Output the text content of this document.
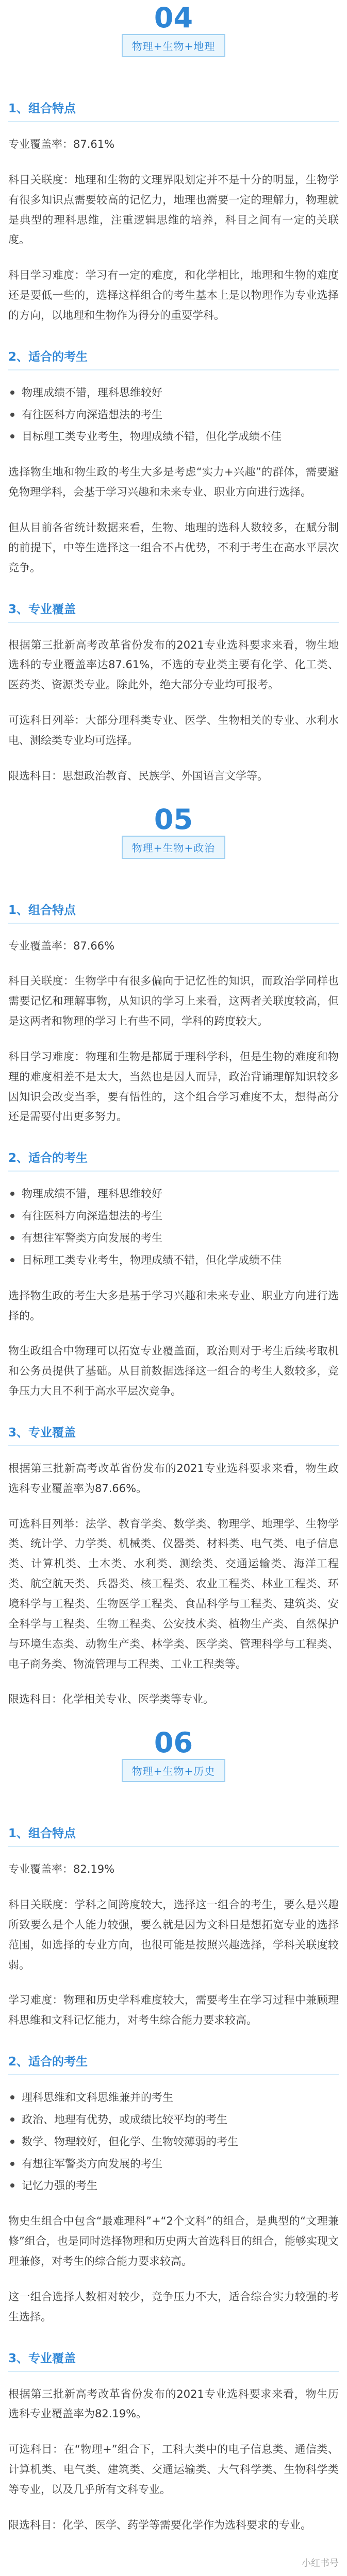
04
物理+生物+地理
1、组合特点

专业覆盖率：87.61%

科目关联度：地理和生物的文理界限划定并不是十分的明显，生物学有很多知识点需要较高的记忆力，地理也需要一定的理解力，物理就是典型的理科思维，注重逻辑思维的培养，科目之间有一定的关联度。

科目学习难度：学习有一定的难度，和化学相比，地理和生物的难度还是要低一些的，选择这样组合的考生基本上是以物理作为专业选择的方向，以地理和生物作为得分的重要学科。

2、适合的考生
物理成绩不错，理科思维较好
有往医科方向深造想法的考生
目标理工类专业考生，物理成绩不错，但化学成绩不佳

选择物生地和物生政的考生大多是考虑“实力+兴趣”的群体，需要避免物理学科，会基于学习兴趣和未来专业、职业方向进行选择。

但从目前各省统计数据来看，生物、地理的选科人数较多，在赋分制的前提下，中等生选择这一组合不占优势，不利于考生在高水平层次竞争。

3、专业覆盖

根据第三批新高考改革省份发布的2021专业选科要求来看，物生地选科的专业覆盖率达87.61%，不选的专业类主要有化学、化工类、医药类、资源类专业。除此外，绝大部分专业均可报考。

可选科目列举：大部分理科类专业、医学、生物相关的专业、水利水电、测绘类专业均可选择。

限选科目：思想政治教育、民族学、外国语言文学等。

05
物理+生物+政治
1、组合特点

专业覆盖率：87.66%

科目关联度：生物学中有很多偏向于记忆性的知识，而政治学同样也需要记忆和理解事物，从知识的学习上来看，这两者关联度较高，但是这两者和物理的学习上有些不同，学科的跨度较大。

科目学习难度：物理和生物是都属于理科学科，但是生物的难度和物理的难度相差不是太大，当然也是因人而异，政治背诵理解知识较多因知识会改变当季，要有悟性的，这个组合学习难度不太，想得高分还是需要付出更多努力。

2、适合的考生
物理成绩不错，理科思维较好
有往医科方向深造想法的考生
有想往军警类方向发展的考生
目标理工类专业考生，物理成绩不错，但化学成绩不佳

选择物生政的考生大多是基于学习兴趣和未来专业、职业方向进行选择的。

物生政组合中物理可以拓宽专业覆盖面，政治则对于考生后续考取机和公务员提供了基础。从目前数据选择这一组合的考生人数较多，竞争压力大且不利于高水平层次竞争。

3、专业覆盖

根据第三批新高考改革省份发布的2021专业选科要求来看，物生政选科专业覆盖率为87.66%。

可选科目列举：法学、教育学类、数学类、物理学、地理学、生物学类、统计学、力学类、机械类、仪器类、材料类、电气类、电子信息类、计算机类、土木类、水利类、测绘类、交通运输类、海洋工程类、航空航天类、兵器类、核工程类、农业工程类、林业工程类、环境科学与工程类、生物医学工程类、食品科学与工程类、建筑类、安全科学与工程类、生物工程类、公安技术类、植物生产类、自然保护与环境生态类、动物生产类、林学类、医学类、管理科学与工程类、电子商务类、物流管理与工程类、工业工程类等。

限选科目：化学相关专业、医学类等专业。

06
物理+生物+历史
1、组合特点

专业覆盖率：82.19%

科目关联度：学科之间跨度较大，选择这一组合的考生，要么是兴趣所致要么是个人能力较强，要么就是因为文科目是想拓宽专业的选择范围，如选择的专业方向，也很可能是按照兴趣选择，学科关联度较弱。

学习难度：物理和历史学科难度较大，需要考生在学习过程中兼顾理科思维和文科记忆能力，对考生综合能力要求较高。

2、适合的考生
理科思维和文科思维兼并的考生
政治、地理有优势，或成绩比较平均的考生
数学、物理较好，但化学、生物较薄弱的考生
有想往军警类方向发展的考生
记忆力强的考生

物史生组合中包含“最难理科”+“2个文科”的组合，是典型的“文理兼修”组合，也是同时选择物理和历史两大首选科目的组合，能够实现文理兼修，对考生的综合能力要求较高。

这一组合选择人数相对较少，竞争压力不大，适合综合实力较强的考生选择。

3、专业覆盖

根据第三批新高考改革省份发布的2021专业选科要求来看，物生历选科专业覆盖率为82.19%。

可选科目：在“物理+”组合下，工科大类中的电子信息类、通信类、计算机类、电气类、建筑类、交通运输类、大气科学类、生物科学类等专业，以及几乎所有文科专业。

限选科目：化学、医学、药学等需要化学作为选科要求的专业。

小红书号
